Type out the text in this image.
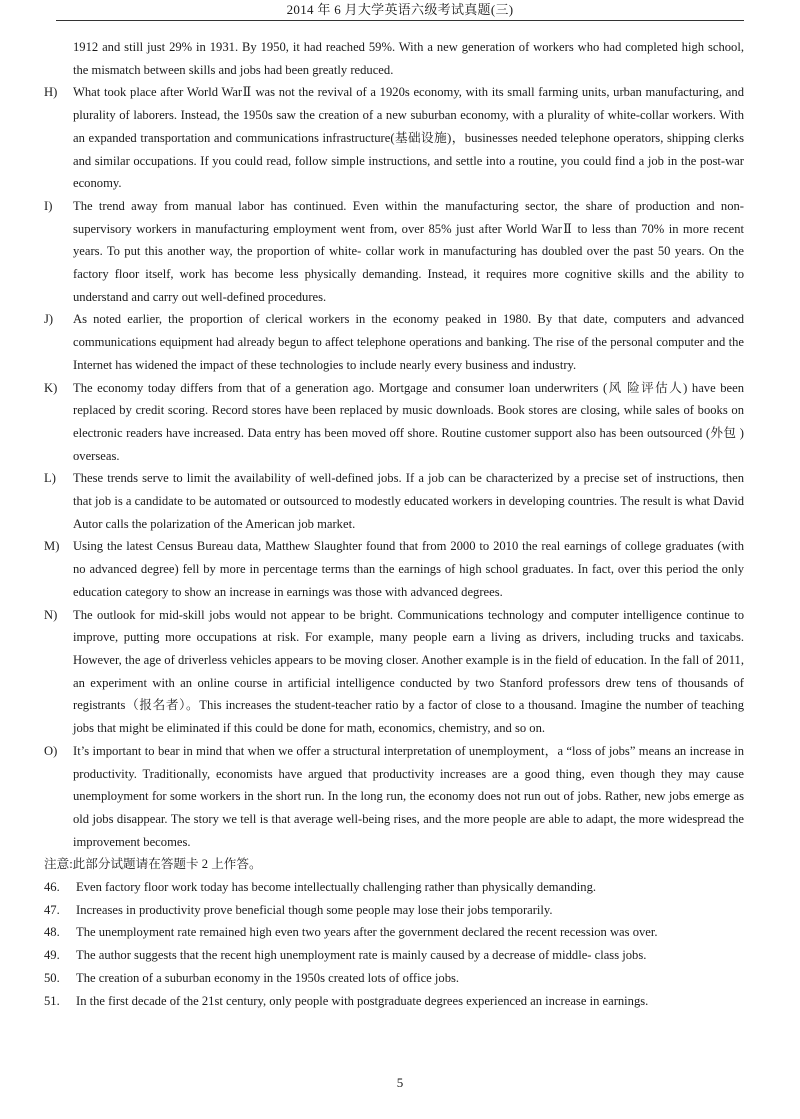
2014 年 6 月大学英语六级考试真题(三)
1912 and still just 29% in 1931. By 1950, it had reached 59%. With a new generation of workers who had completed high school, the mismatch between skills and jobs had been greatly reduced.
H)	What took place after World WarⅡ was not the revival of a 1920s economy, with its small farming units, urban manufacturing, and plurality of laborers. Instead, the 1950s saw the creation of a new suburban economy, with a plurality of white-collar workers. With an expanded transportation and communications infrastructure(基础设施)，businesses needed telephone operators, shipping clerks and similar occupations. If you could read, follow simple instructions, and settle into a routine, you could find a job in the post-war economy.
I)	The trend away from manual labor has continued. Even within the manufacturing sector, the share of production and non-supervisory workers in manufacturing employment went from, over 85% just after World WarⅡ to less than 70% in more recent years. To put this another way, the proportion of white- collar work in manufacturing has doubled over the past 50 years. On the factory floor itself, work has become less physically demanding. Instead, it requires more cognitive skills and the ability to understand and carry out well-defined procedures.
J)	As noted earlier, the proportion of clerical workers in the economy peaked in 1980. By that date, computers and advanced communications equipment had already begun to affect telephone operations and banking. The rise of the personal computer and the Internet has widened the impact of these technologies to include nearly every business and industry.
K)	The economy today differs from that of a generation ago. Mortgage and consumer loan underwriters (风 险评估人) have been replaced by credit scoring. Record stores have been replaced by music downloads. Book stores are closing, while sales of books on electronic readers have increased. Data entry has been moved off shore. Routine customer support also has been outsourced (外包 ) overseas.
L)	These trends serve to limit the availability of well-defined jobs. If a job can be characterized by a precise set of instructions, then that job is a candidate to be automated or outsourced to modestly educated workers in developing countries. The result is what David Autor calls the polarization of the American job market.
M)	Using the latest Census Bureau data, Matthew Slaughter found that from 2000 to 2010 the real earnings of college graduates (with no advanced degree) fell by more in percentage terms than the earnings of high school graduates. In fact, over this period the only education category to show an increase in earnings was those with advanced degrees.
N)	The outlook for mid-skill jobs would not appear to be bright. Communications technology and computer intelligence continue to improve, putting more occupations at risk. For example, many people earn a living as drivers, including trucks and taxicabs. However, the age of driverless vehicles appears to be moving closer. Another example is in the field of education. In the fall of 2011, an experiment with an online course in artificial intelligence conducted by two Stanford professors drew tens of thousands of registrants（报名者）。This increases the student-teacher ratio by a factor of close to a thousand. Imagine the number of teaching jobs that might be eliminated if this could be done for math, economics, chemistry, and so on.
O)	It’s important to bear in mind that when we offer a structural interpretation of unemployment，a “loss of jobs” means an increase in productivity. Traditionally, economists have argued that productivity increases are a good thing, even though they may cause unemployment for some workers in the short run. In the long run, the economy does not run out of jobs. Rather, new jobs emerge as old jobs disappear. The story we tell is that average well-being rises, and the more people are able to adapt, the more widespread the improvement becomes.
注意:此部分试题请在答题卡 2 上作答。
46.	Even factory floor work today has become intellectually challenging rather than physically demanding.
47.	Increases in productivity prove beneficial though some people may lose their jobs temporarily.
48.	The unemployment rate remained high even two years after the government declared the recent recession was over.
49.	The author suggests that the recent high unemployment rate is mainly caused by a decrease of middle- class jobs.
50.	The creation of a suburban economy in the 1950s created lots of office jobs.
51.	In the first decade of the 21st century, only people with postgraduate degrees experienced an increase in earnings.
5
